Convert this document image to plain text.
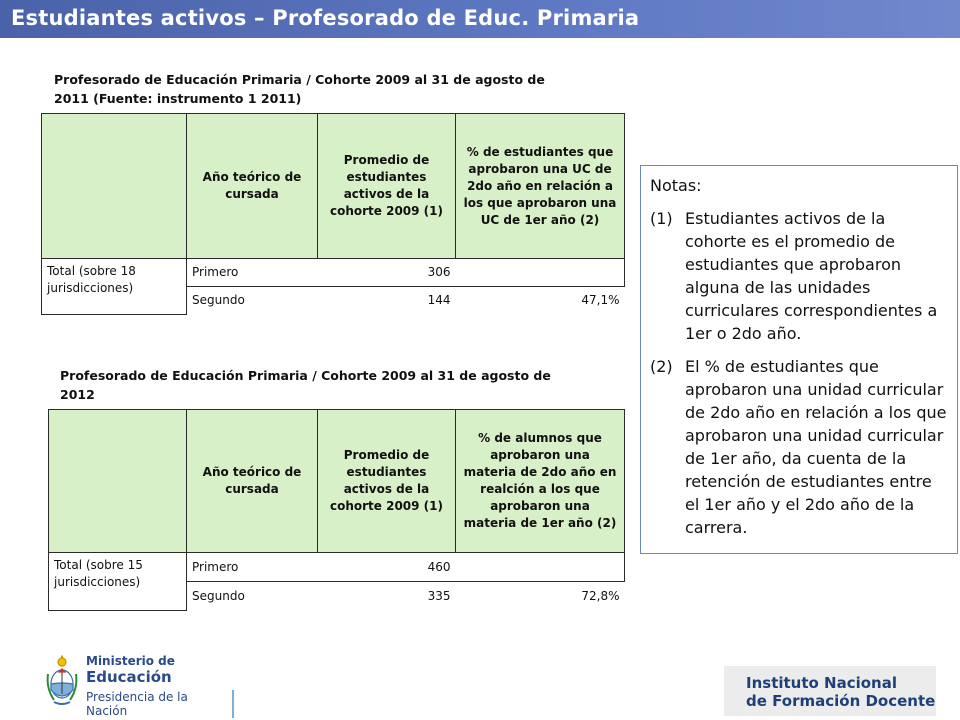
Estudiantes activos – Profesorado de Educ. Primaria
Profesorado de Educación Primaria / Cohorte 2009 al 31 de agosto de
2011 (Fuente: instrumento 1 2011)
	Año teórico de cursada	Promedio de estudiantes activos de la cohorte 2009 (1)	% de estudiantes que aprobaron una UC de 2do año en relación a los que aprobaron una UC de 1er año (2)
Total (sobre 18 jurisdicciones)	Primero	306	
	Segundo	144	47,1%
Profesorado de Educación Primaria / Cohorte 2009 al 31 de agosto de
2012
	Año teórico de cursada	Promedio de estudiantes activos de la cohorte 2009 (1)	% de alumnos que aprobaron una materia de 2do año en realción a los que aprobaron una materia de 1er año (2)
Total (sobre 15 jurisdicciones)	Primero	460	
	Segundo	335	72,8%
Notas:
(1) Estudiantes activos de la cohorte es el promedio de estudiantes que aprobaron alguna de las unidades curriculares correspondientes a 1er o 2do año.
(2) El % de estudiantes que aprobaron una unidad curricular de 2do año en relación a los que aprobaron una unidad curricular de 1er año, da cuenta de la retención de estudiantes entre el 1er año y el 2do año de la carrera.
Ministerio de
Educación
Presidencia de la Nación
Instituto Nacional
de Formación Docente
